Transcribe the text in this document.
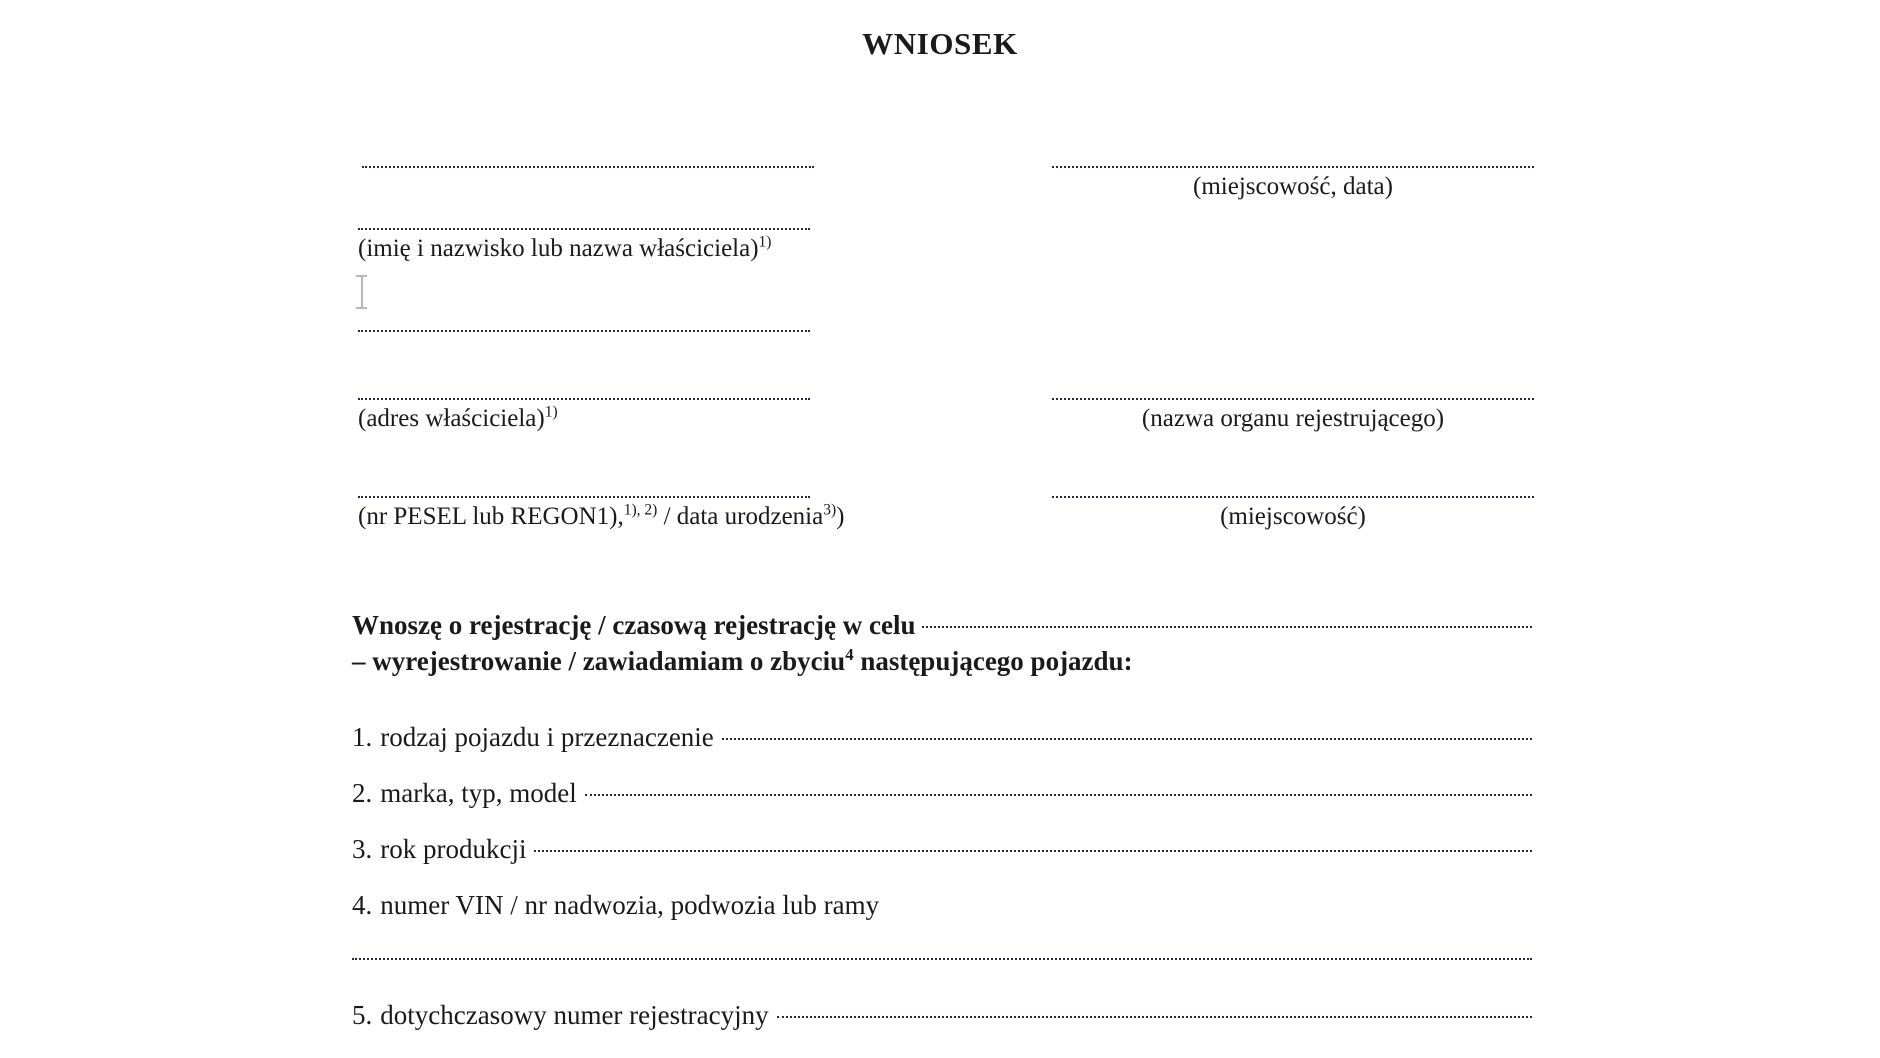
WNIOSEK
(imię i nazwisko lub nazwa właściciela)$^{1)}$
(adres właściciela)$^{1)}$
(nr PESEL lub REGON1),$^{1), 2)}$ / data urodzenia$^{3)}$)
(miejscowość, data)
(nazwa organu rejestrującego)
(miejscowość)
Wnoszę o rejestrację / czasową rejestrację w celu
– wyrejestrowanie / zawiadamiam o zbyciu$^4$ następującego pojazdu:
1. rodzaj pojazdu i przeznaczenie
2. marka, typ, model
3. rok produkcji
4. numer VIN / nr nadwozia, podwozia lub ramy
5. dotychczasowy numer rejestracyjny
